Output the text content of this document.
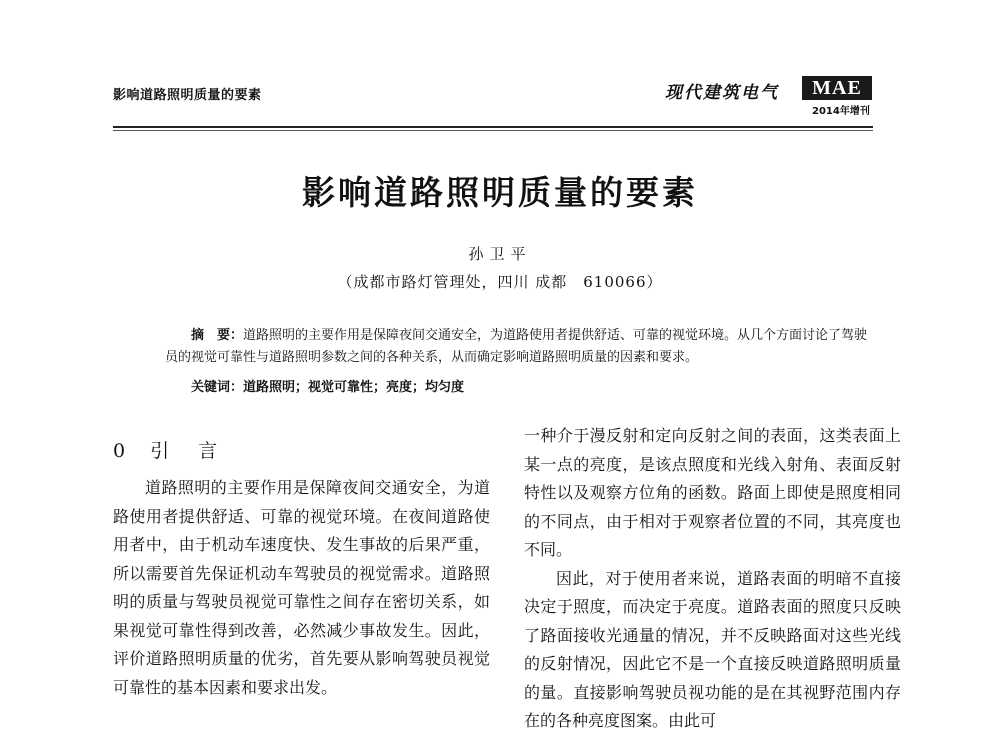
影响道路照明质量的要素	现代建筑电气	MAE
2014年增刊
影响道路照明质量的要素
孙卫平
（成都市路灯管理处，四川 成都　610066）
摘　要：道路照明的主要作用是保障夜间交通安全，为道路使用者提供舒适、可靠的视觉环境。从几个方面讨论了驾驶员的视觉可靠性与道路照明参数之间的各种关系，从而确定影响道路照明质量的因素和要求。
关键词：道路照明；视觉可靠性；亮度；均匀度
0 引 言

道路照明的主要作用是保障夜间交通安全，为道路使用者提供舒适、可靠的视觉环境。在夜间道路使用者中，由于机动车速度快、发生事故的后果严重，所以需要首先保证机动车驾驶员的视觉需求。道路照明的质量与驾驶员视觉可靠性之间存在密切关系，如果视觉可靠性得到改善，必然减少事故发生。因此，评价道路照明质量的优劣，首先要从影响驾驶员视觉可靠性的基本因素和要求出发。

一种介于漫反射和定向反射之间的表面，这类表面上某一点的亮度，是该点照度和光线入射角、表面反射特性以及观察方位角的函数。路面上即使是照度相同的不同点，由于相对于观察者位置的不同，其亮度也不同。

因此，对于使用者来说，道路表面的明暗不直接决定于照度，而决定于亮度。道路表面的照度只反映了路面接收光通量的情况，并不反映路面对这些光线的反射情况，因此它不是一个直接反映道路照明质量的量。直接影响驾驶员视功能的是在其视野范围内存在的各种亮度图案。由此可
